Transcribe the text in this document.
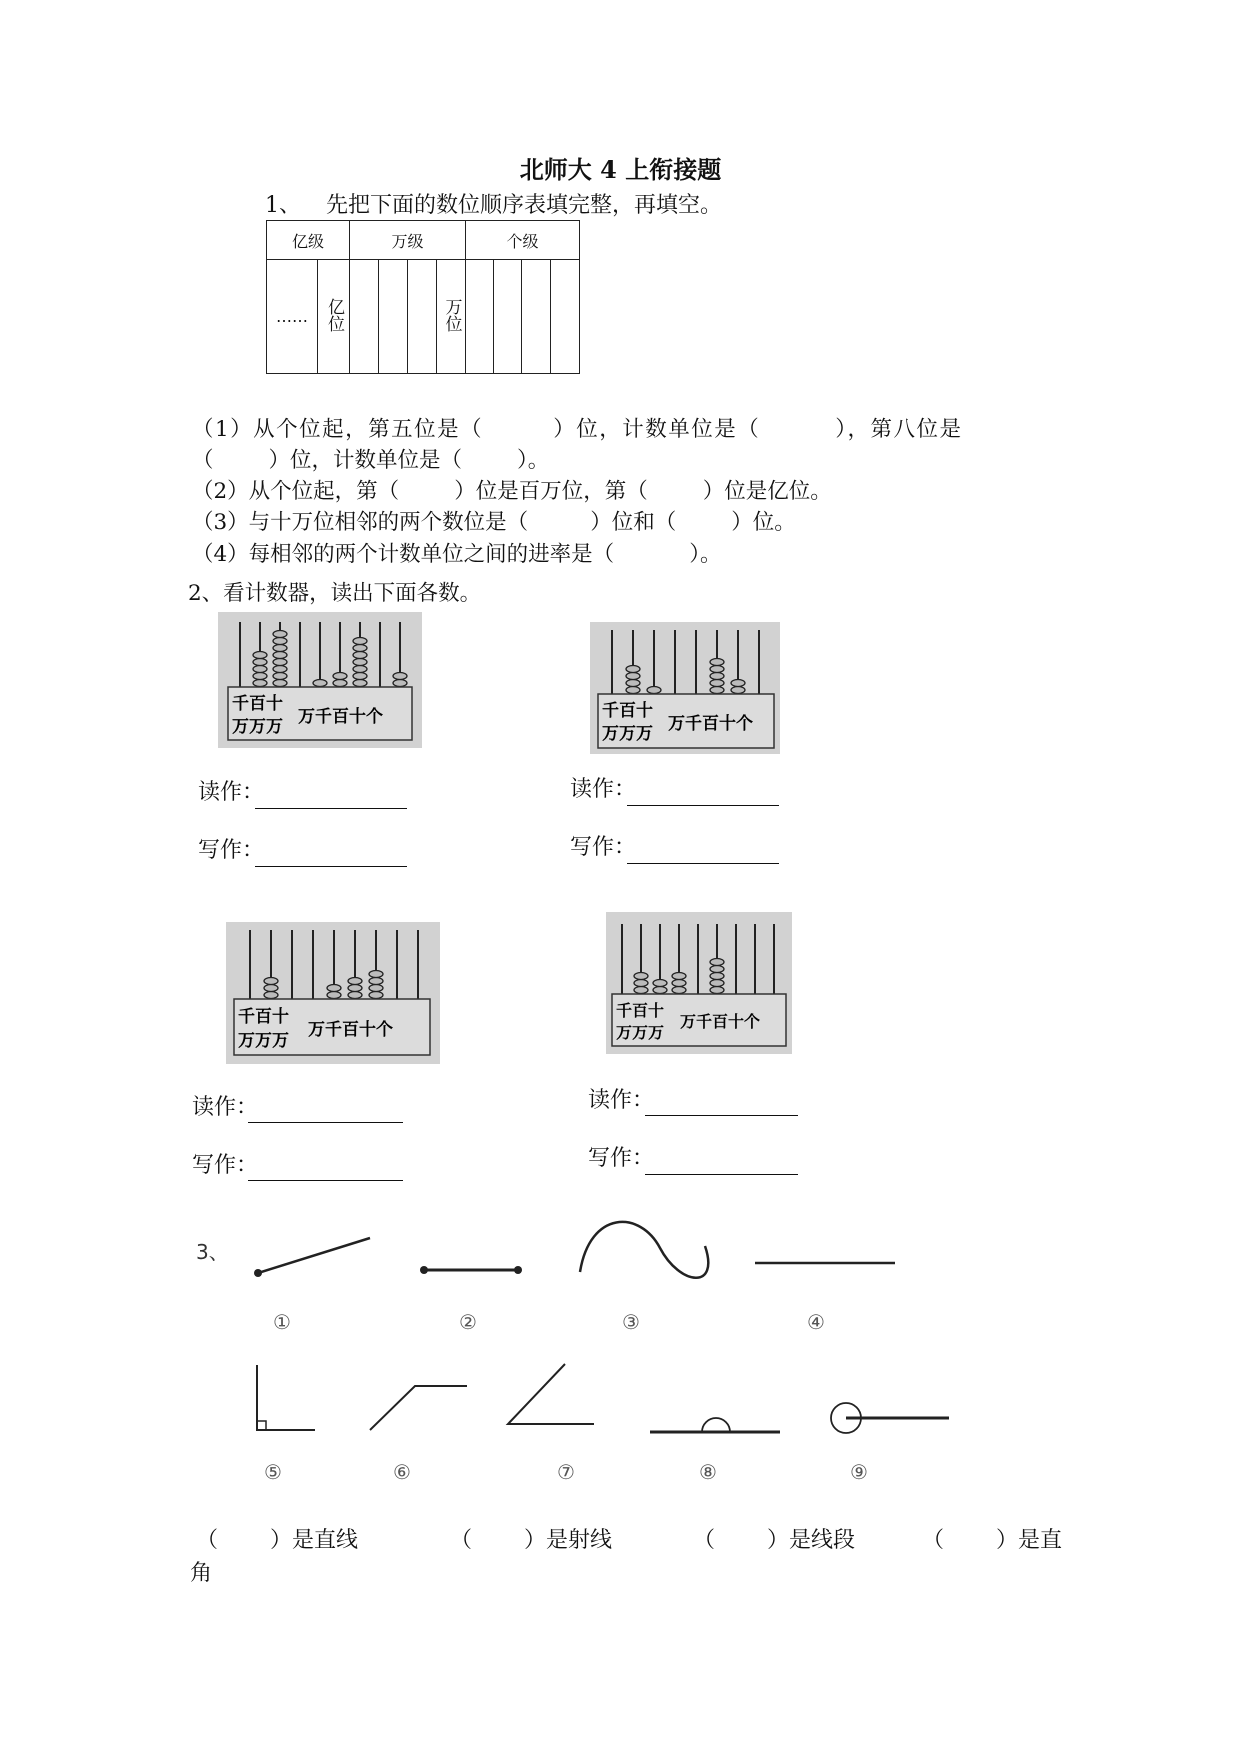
北师大 4 上衔接题
1、 先把下面的数位顺序表填完整，再填空。
亿级		万级				个级			
……	亿位				万位				
（1）从个位起，第五位是（	）位，计数单位是（	），第八位是
（	）位，计数单位是（	）。
（2）从个位起，第（	）位是百万位，第（	）位是亿位。
（3）与十万位相邻的两个数位是（	）位和（	）位。
（4）每相邻的两个计数单位之间的进率是（	）。
2、看计数器，读出下面各数。
千百十
万万万 万千百十个
读作：
写作：
千百十
万万万 万千百十个
读作：
写作：
千百十
万万万
万千百十个
读作：
写作：
千百十
万万万
万千百十个
读作：
写作：
3、
①	②	③	④
⑤	⑥	⑦	⑧	⑨
（ ）是直线	（ ）是射线	（ ）是线段	（ ）是直
角
